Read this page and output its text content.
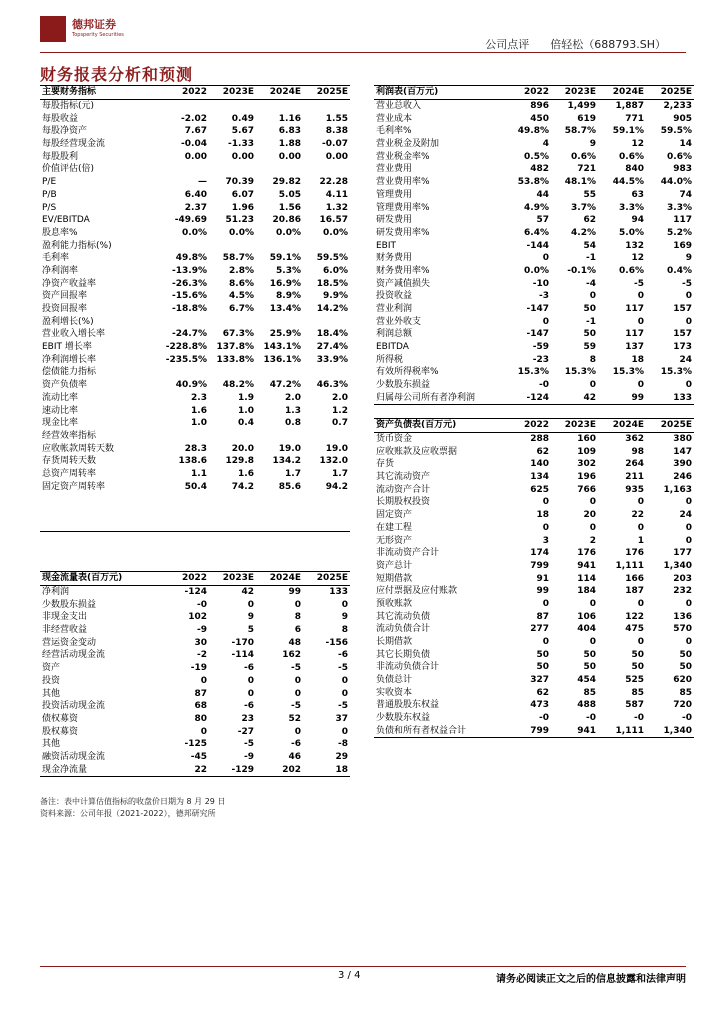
德邦证券
Topsperity Securities
公司点评 倍轻松（688793.SH）
财务报表分析和预测
主要财务指标	2022	2023E	2024E	2025E
每股指标(元)				
每股收益	-2.02	0.49	1.16	1.55
每股净资产	7.67	5.67	6.83	8.38
每股经营现金流	-0.04	-1.33	1.88	-0.07
每股股利	0.00	0.00	0.00	0.00
价值评估(倍)				
P/E	—	70.39	29.82	22.28
P/B	6.40	6.07	5.05	4.11
P/S	2.37	1.96	1.56	1.32
EV/EBITDA	-49.69	51.23	20.86	16.57
股息率%	0.0%	0.0%	0.0%	0.0%
盈利能力指标(%)				
毛利率	49.8%	58.7%	59.1%	59.5%
净利润率	-13.9%	2.8%	5.3%	6.0%
净资产收益率	-26.3%	8.6%	16.9%	18.5%
资产回报率	-15.6%	4.5%	8.9%	9.9%
投资回报率	-18.8%	6.7%	13.4%	14.2%
盈利增长(%)				
营业收入增长率	-24.7%	67.3%	25.9%	18.4%
EBIT 增长率	-228.8%	137.8%	143.1%	27.4%
净利润增长率	-235.5%	133.8%	136.1%	33.9%
偿债能力指标				
资产负债率	40.9%	48.2%	47.2%	46.3%
流动比率	2.3	1.9	2.0	2.0
速动比率	1.6	1.0	1.3	1.2
现金比率	1.0	0.4	0.8	0.7
经营效率指标				
应收帐款周转天数	28.3	20.0	19.0	19.0
存货周转天数	138.6	129.8	134.2	132.0
总资产周转率	1.1	1.6	1.7	1.7
固定资产周转率	50.4	74.2	85.6	94.2

现金流量表(百万元)	2022	2023E	2024E	2025E
净利润	-124	42	99	133
少数股东损益	-0	0	0	0
非现金支出	102	9	8	9
非经营收益	-9	5	6	8
营运资金变动	30	-170	48	-156
经营活动现金流	-2	-114	162	-6
资产	-19	-6	-5	-5
投资	0	0	0	0
其他	87	0	0	0
投资活动现金流	68	-6	-5	-5
债权募资	80	23	52	37
股权募资	0	-27	0	0
其他	-125	-5	-6	-8
融资活动现金流	-45	-9	46	29
现金净流量	22	-129	202	18
利润表(百万元)	2022	2023E	2024E	2025E
营业总收入	896	1,499	1,887	2,233
营业成本	450	619	771	905
毛利率%	49.8%	58.7%	59.1%	59.5%
营业税金及附加	4	9	12	14
营业税金率%	0.5%	0.6%	0.6%	0.6%
营业费用	482	721	840	983
营业费用率%	53.8%	48.1%	44.5%	44.0%
管理费用	44	55	63	74
管理费用率%	4.9%	3.7%	3.3%	3.3%
研发费用	57	62	94	117
研发费用率%	6.4%	4.2%	5.0%	5.2%
EBIT	-144	54	132	169
财务费用	0	-1	12	9
财务费用率%	0.0%	-0.1%	0.6%	0.4%
资产减值损失	-10	-4	-5	-5
投资收益	-3	0	0	0
营业利润	-147	50	117	157
营业外收支	0	-1	0	0
利润总额	-147	50	117	157
EBITDA	-59	59	137	173
所得税	-23	8	18	24
有效所得税率%	15.3%	15.3%	15.3%	15.3%
少数股东损益	-0	0	0	0
归属母公司所有者净利润	-124	42	99	133
资产负债表(百万元)	2022	2023E	2024E	2025E
货币资金	288	160	362	380
应收账款及应收票据	62	109	98	147
存货	140	302	264	390
其它流动资产	134	196	211	246
流动资产合计	625	766	935	1,163
长期股权投资	0	0	0	0
固定资产	18	20	22	24
在建工程	0	0	0	0
无形资产	3	2	1	0
非流动资产合计	174	176	176	177
资产总计	799	941	1,111	1,340
短期借款	91	114	166	203
应付票据及应付账款	99	184	187	232
预收账款	0	0	0	0
其它流动负债	87	106	122	136
流动负债合计	277	404	475	570
长期借款	0	0	0	0
其它长期负债	50	50	50	50
非流动负债合计	50	50	50	50
负债总计	327	454	525	620
实收资本	62	85	85	85
普通股股东权益	473	488	587	720
少数股东权益	-0	-0	-0	-0
负债和所有者权益合计	799	941	1,111	1,340
备注：表中计算估值指标的收盘价日期为 8 月 29 日
资料来源：公司年报（2021-2022），德邦研究所
3 / 4	请务必阅读正文之后的信息披露和法律声明
